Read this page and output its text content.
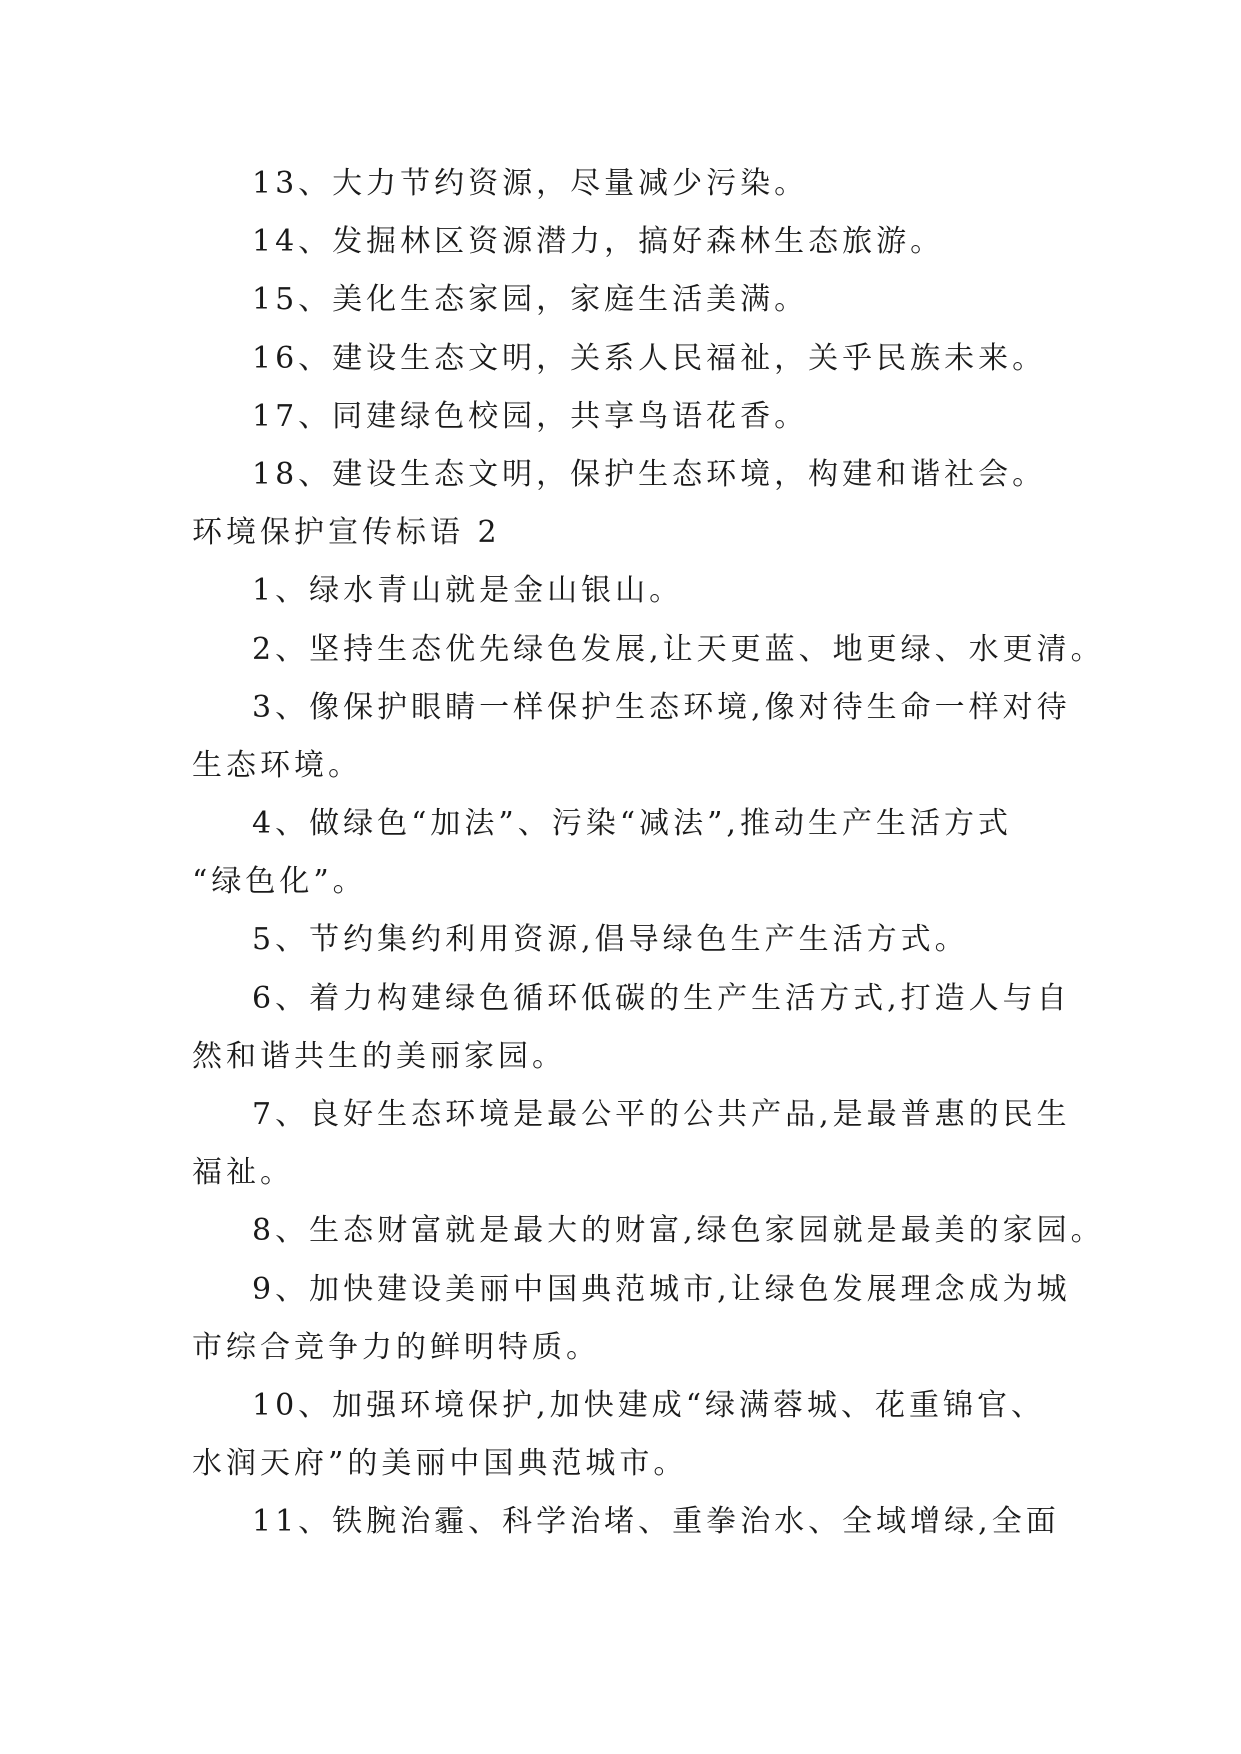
13、大力节约资源，尽量减少污染。
14、发掘林区资源潜力，搞好森林生态旅游。
15、美化生态家园，家庭生活美满。
16、建设生态文明，关系人民福祉，关乎民族未来。
17、同建绿色校园，共享鸟语花香。
18、建设生态文明，保护生态环境，构建和谐社会。
环境保护宣传标语 2
1、绿水青山就是金山银山。
2、坚持生态优先绿色发展,让天更蓝、地更绿、水更清。
3、像保护眼睛一样保护生态环境,像对待生命一样对待
生态环境。
4、做绿色“加法”、污染“减法”,推动生产生活方式
“绿色化”。
5、节约集约利用资源,倡导绿色生产生活方式。
6、着力构建绿色循环低碳的生产生活方式,打造人与自
然和谐共生的美丽家园。
7、良好生态环境是最公平的公共产品,是最普惠的民生
福祉。
8、生态财富就是最大的财富,绿色家园就是最美的家园。
9、加快建设美丽中国典范城市,让绿色发展理念成为城
市综合竞争力的鲜明特质。
10、加强环境保护,加快建成“绿满蓉城、花重锦官、
水润天府”的美丽中国典范城市。
11、铁腕治霾、科学治堵、重拳治水、全域增绿,全面
